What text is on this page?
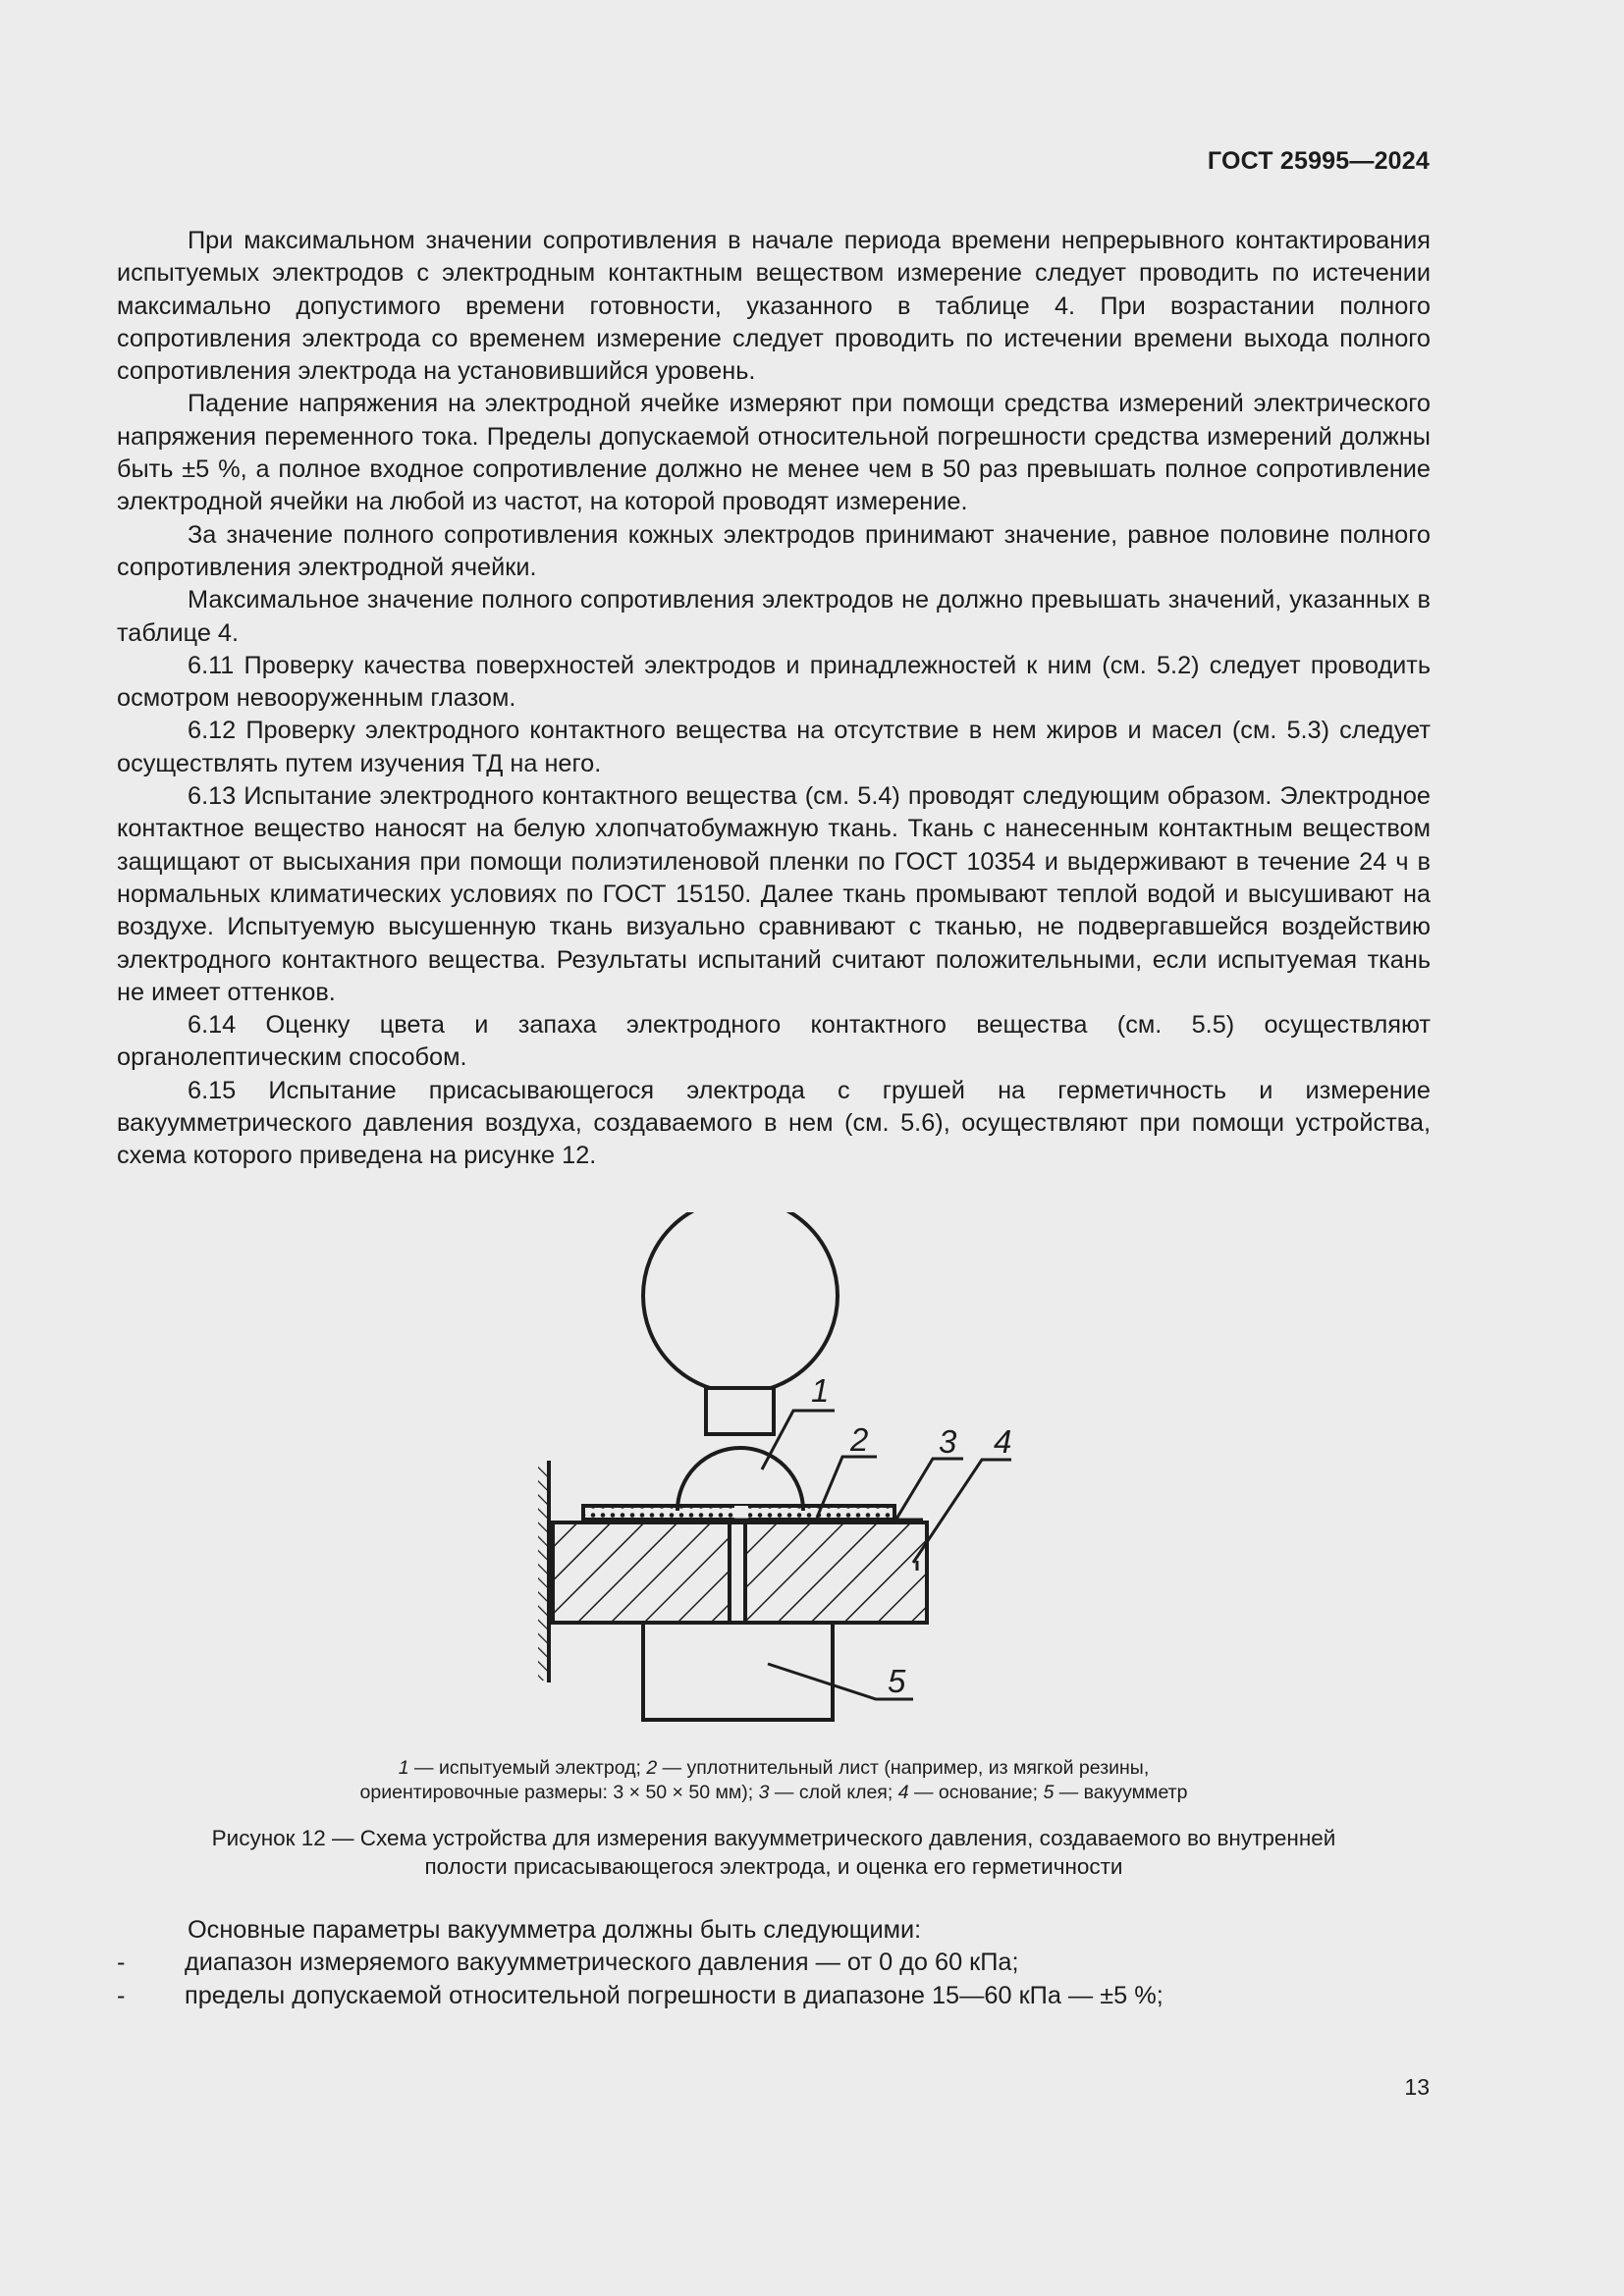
ГОСТ 25995—2024

При максимальном значении сопротивления в начале периода времени непрерывного контактирования испытуемых электродов с электродным контактным веществом измерение следует проводить по истечении максимально допустимого времени готовности, указанного в таблице 4. При возрастании полного сопротивления электрода со временем измерение следует проводить по истечении времени выхода полного сопротивления электрода на установившийся уровень.

Падение напряжения на электродной ячейке измеряют при помощи средства измерений электрического напряжения переменного тока. Пределы допускаемой относительной погрешности средства измерений должны быть ±5 %, а полное входное сопротивление должно не менее чем в 50 раз превышать полное сопротивление электродной ячейки на любой из частот, на которой проводят измерение.

За значение полного сопротивления кожных электродов принимают значение, равное половине полного сопротивления электродной ячейки.

Максимальное значение полного сопротивления электродов не должно превышать значений, указанных в таблице 4.

6.11 Проверку качества поверхностей электродов и принадлежностей к ним (см. 5.2) следует проводить осмотром невооруженным глазом.

6.12 Проверку электродного контактного вещества на отсутствие в нем жиров и масел (см. 5.3) следует осуществлять путем изучения ТД на него.

6.13 Испытание электродного контактного вещества (см. 5.4) проводят следующим образом. Электродное контактное вещество наносят на белую хлопчатобумажную ткань. Ткань с нанесенным контактным веществом защищают от высыхания при помощи полиэтиленовой пленки по ГОСТ 10354 и выдерживают в течение 24 ч в нормальных климатических условиях по ГОСТ 15150. Далее ткань промывают теплой водой и высушивают на воздухе. Испытуемую высушенную ткань визуально сравнивают с тканью, не подвергавшейся воздействию электродного контактного вещества. Результаты испытаний считают положительными, если испытуемая ткань не имеет оттенков.

6.14 Оценку цвета и запаха электродного контактного вещества (см. 5.5) осуществляют органолептическим способом.

6.15 Испытание присасывающегося электрода с грушей на герметичность и измерение вакуумметрического давления воздуха, создаваемого в нем (см. 5.6), осуществляют при помощи устройства, схема которого приведена на рисунке 12.

1
2 3 4
5
1 — испытуемый электрод; 2 — уплотнительный лист (например, из мягкой резины,
ориентировочные размеры: 3 × 50 × 50 мм); 3 — слой клея; 4 — основание; 5 — вакуумметр
Рисунок 12 — Схема устройства для измерения вакуумметрического давления, создаваемого во внутренней
полости присасывающегося электрода, и оценка его герметичности

Основные параметры вакуумметра должны быть следующими:

- диапазон измеряемого вакуумметрического давления — от 0 до 60 кПа;

- пределы допускаемой относительной погрешности в диапазоне 15—60 кПа — ±5 %;

13
